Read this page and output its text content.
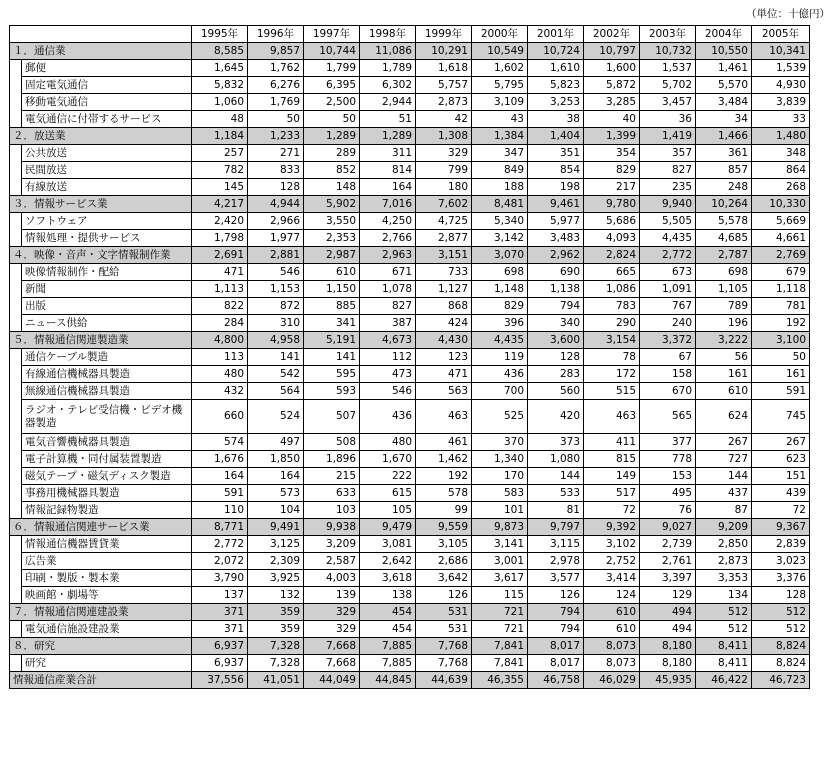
（単位：十億円）
		1995年	1996年	1997年	1998年	1999年	2000年	2001年	2002年	2003年	2004年	2005年
１．通信業		8,585	9,857	10,744	11,086	10,291	10,549	10,724	10,797	10,732	10,550	10,341
	郵便	1,645	1,762	1,799	1,789	1,618	1,602	1,610	1,600	1,537	1,461	1,539
	固定電気通信	5,832	6,276	6,395	6,302	5,757	5,795	5,823	5,872	5,702	5,570	4,930
	移動電気通信	1,060	1,769	2,500	2,944	2,873	3,109	3,253	3,285	3,457	3,484	3,839
	電気通信に付帯するサービス	48	50	50	51	42	43	38	40	36	34	33
２．放送業		1,184	1,233	1,289	1,289	1,308	1,384	1,404	1,399	1,419	1,466	1,480
	公共放送	257	271	289	311	329	347	351	354	357	361	348
	民間放送	782	833	852	814	799	849	854	829	827	857	864
	有線放送	145	128	148	164	180	188	198	217	235	248	268
３．情報サービス業		4,217	4,944	5,902	7,016	7,602	8,481	9,461	9,780	9,940	10,264	10,330
	ソフトウェア	2,420	2,966	3,550	4,250	4,725	5,340	5,977	5,686	5,505	5,578	5,669
	情報処理・提供サービス	1,798	1,977	2,353	2,766	2,877	3,142	3,483	4,093	4,435	4,685	4,661
４．映像・音声・文字情報制作業		2,691	2,881	2,987	2,963	3,151	3,070	2,962	2,824	2,772	2,787	2,769
	映像情報制作・配給	471	546	610	671	733	698	690	665	673	698	679
	新聞	1,113	1,153	1,150	1,078	1,127	1,148	1,138	1,086	1,091	1,105	1,118
	出版	822	872	885	827	868	829	794	783	767	789	781
	ニュース供給	284	310	341	387	424	396	340	290	240	196	192
５．情報通信関連製造業		4,800	4,958	5,191	4,673	4,430	4,435	3,600	3,154	3,372	3,222	3,100
	通信ケーブル製造	113	141	141	112	123	119	128	78	67	56	50
	有線通信機械器具製造	480	542	595	473	471	436	283	172	158	161	161
	無線通信機械器具製造	432	564	593	546	563	700	560	515	670	610	591
	ラジオ・テレビ受信機・ビデオ機器製造	660	524	507	436	463	525	420	463	565	624	745
	電気音響機械器具製造	574	497	508	480	461	370	373	411	377	267	267
	電子計算機・同付属装置製造	1,676	1,850	1,896	1,670	1,462	1,340	1,080	815	778	727	623
	磁気テープ・磁気ディスク製造	164	164	215	222	192	170	144	149	153	144	151
	事務用機械器具製造	591	573	633	615	578	583	533	517	495	437	439
	情報記録物製造	110	104	103	105	99	101	81	72	76	87	72
６．情報通信関連サービス業		8,771	9,491	9,938	9,479	9,559	9,873	9,797	9,392	9,027	9,209	9,367
	情報通信機器賃貸業	2,772	3,125	3,209	3,081	3,105	3,141	3,115	3,102	2,739	2,850	2,839
	広告業	2,072	2,309	2,587	2,642	2,686	3,001	2,978	2,752	2,761	2,873	3,023
	印刷・製版・製本業	3,790	3,925	4,003	3,618	3,642	3,617	3,577	3,414	3,397	3,353	3,376
	映画館・劇場等	137	132	139	138	126	115	126	124	129	134	128
７．情報通信関連建設業		371	359	329	454	531	721	794	610	494	512	512
	電気通信施設建設業	371	359	329	454	531	721	794	610	494	512	512
８．研究		6,937	7,328	7,668	7,885	7,768	7,841	8,017	8,073	8,180	8,411	8,824
	研究	6,937	7,328	7,668	7,885	7,768	7,841	8,017	8,073	8,180	8,411	8,824
情報通信産業合計		37,556	41,051	44,049	44,845	44,639	46,355	46,758	46,029	45,935	46,422	46,723
